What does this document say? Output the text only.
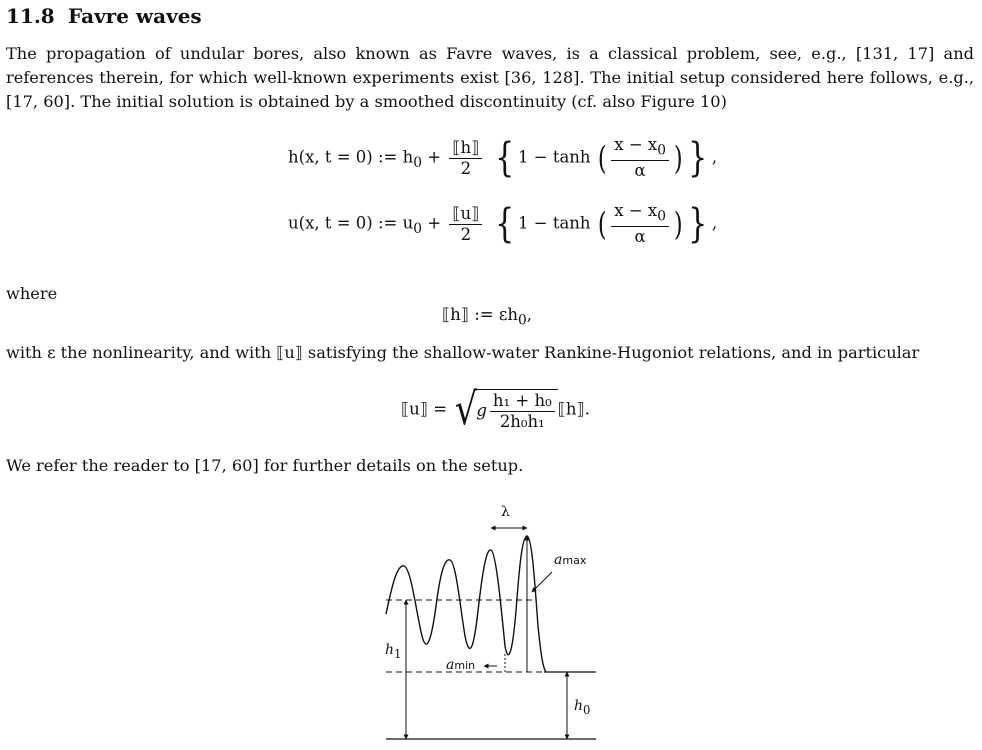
11.8 Favre waves

The propagation of undular bores, also known as Favre waves, is a classical problem, see, e.g., [131, 17] and references therein, for which well-known experiments exist [36, 128]. The initial setup considered here follows, e.g., [17, 60]. The initial solution is obtained by a smoothed discontinuity (cf. also Figure 10)

h(x, t = 0) := $h_0 + \frac{⟦h⟧}{2}$ { 1 − tanh ( $\frac{x - x_0}{\alpha}$ ) } ,
u(x, t = 0) := $u_0 + \frac{⟦u⟧}{2}$ { 1 − tanh ( $\frac{x - x_0}{\alpha}$ ) } ,

where

⟦h⟧ := $\varepsilon h_0$,

with ε the nonlinearity, and with ⟦u⟧ satisfying the shallow-water Rankine-Hugoniot relations, and in particular

⟦u⟧ = $√g \frac{\text{h₁ + h₀}}{\text{2h₀h₁}}$ ⟦h⟧.

We refer the reader to [17, 60] for further details on the setup.

λ
amax
amin
$h_1$
$h_0$
